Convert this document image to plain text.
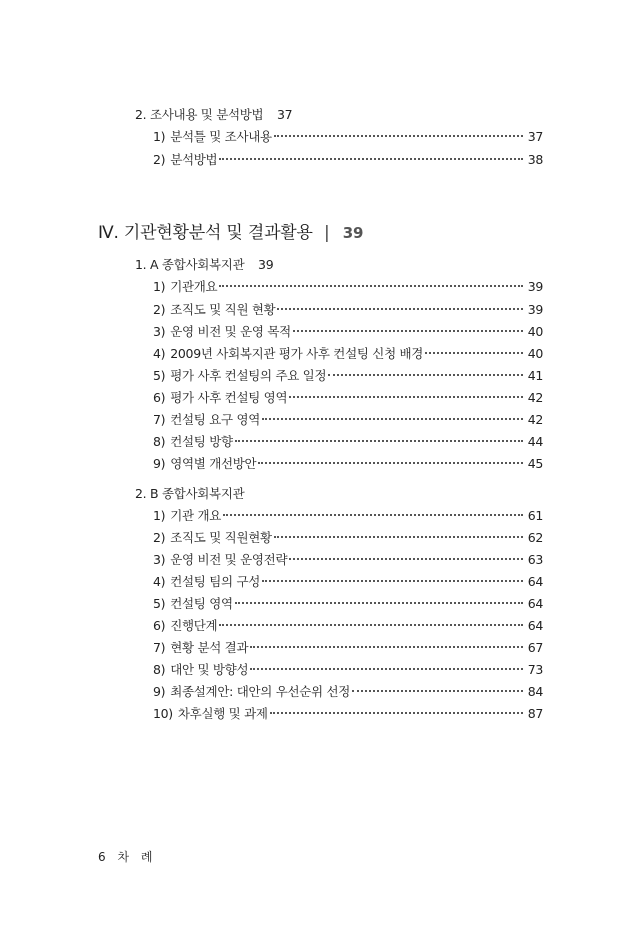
2. 조사내용 및 분석방법 37
1) 분석틀 및 조사내용	37
2) 분석방법	38
Ⅳ. 기관현황분석 및 결과활용 | 39
1. A 종합사회복지관 39
1) 기관개요	39
2) 조직도 및 직원 현황	39
3) 운영 비전 및 운영 목적	40
4) 2009년 사회복지관 평가 사후 컨설팅 신청 배경	40
5) 평가 사후 컨설팅의 주요 일정	41
6) 평가 사후 컨설팅 영역	42
7) 컨설팅 요구 영역	42
8) 컨설팅 방향	44
9) 영역별 개선방안	45
2. B 종합사회복지관
1) 기관 개요	61
2) 조직도 및 직원현황	62
3) 운영 비전 및 운영전략	63
4) 컨설팅 팀의 구성	64
5) 컨설팅 영역	64
6) 진행단계	64
7) 현황 분석 결과	67
8) 대안 및 방향성	73
9) 최종설계안: 대안의 우선순위 선정	84
10) 차후실행 및 과제	87
6 차 례
